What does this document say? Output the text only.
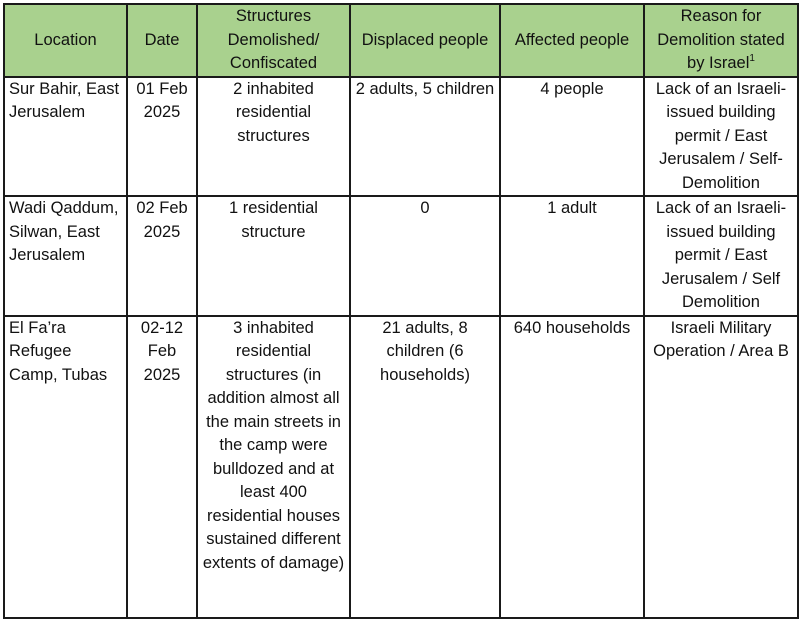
Location	Date	Structures Demolished/ Confiscated	Displaced people	Affected people	Reason for Demolition stated by Israel$^1$
Sur Bahir, East Jerusalem	01 Feb 2025	2 inhabited residential structures	2 adults, 5 children	4 people	Lack of an Israeli-issued building permit / East Jerusalem / Self-Demolition
Wadi Qaddum, Silwan, East Jerusalem	02 Feb 2025	1 residential structure	0	1 adult	Lack of an Israeli-issued building permit / East Jerusalem / Self Demolition
El Fa’ra Refugee Camp, Tubas	02-12 Feb 2025	3 inhabited residential structures (in addition almost all the main streets in the camp were bulldozed and at least 400 residential houses sustained different extents of damage)	21 adults, 8 children (6 households)	640 households	Israeli Military Operation / Area B
